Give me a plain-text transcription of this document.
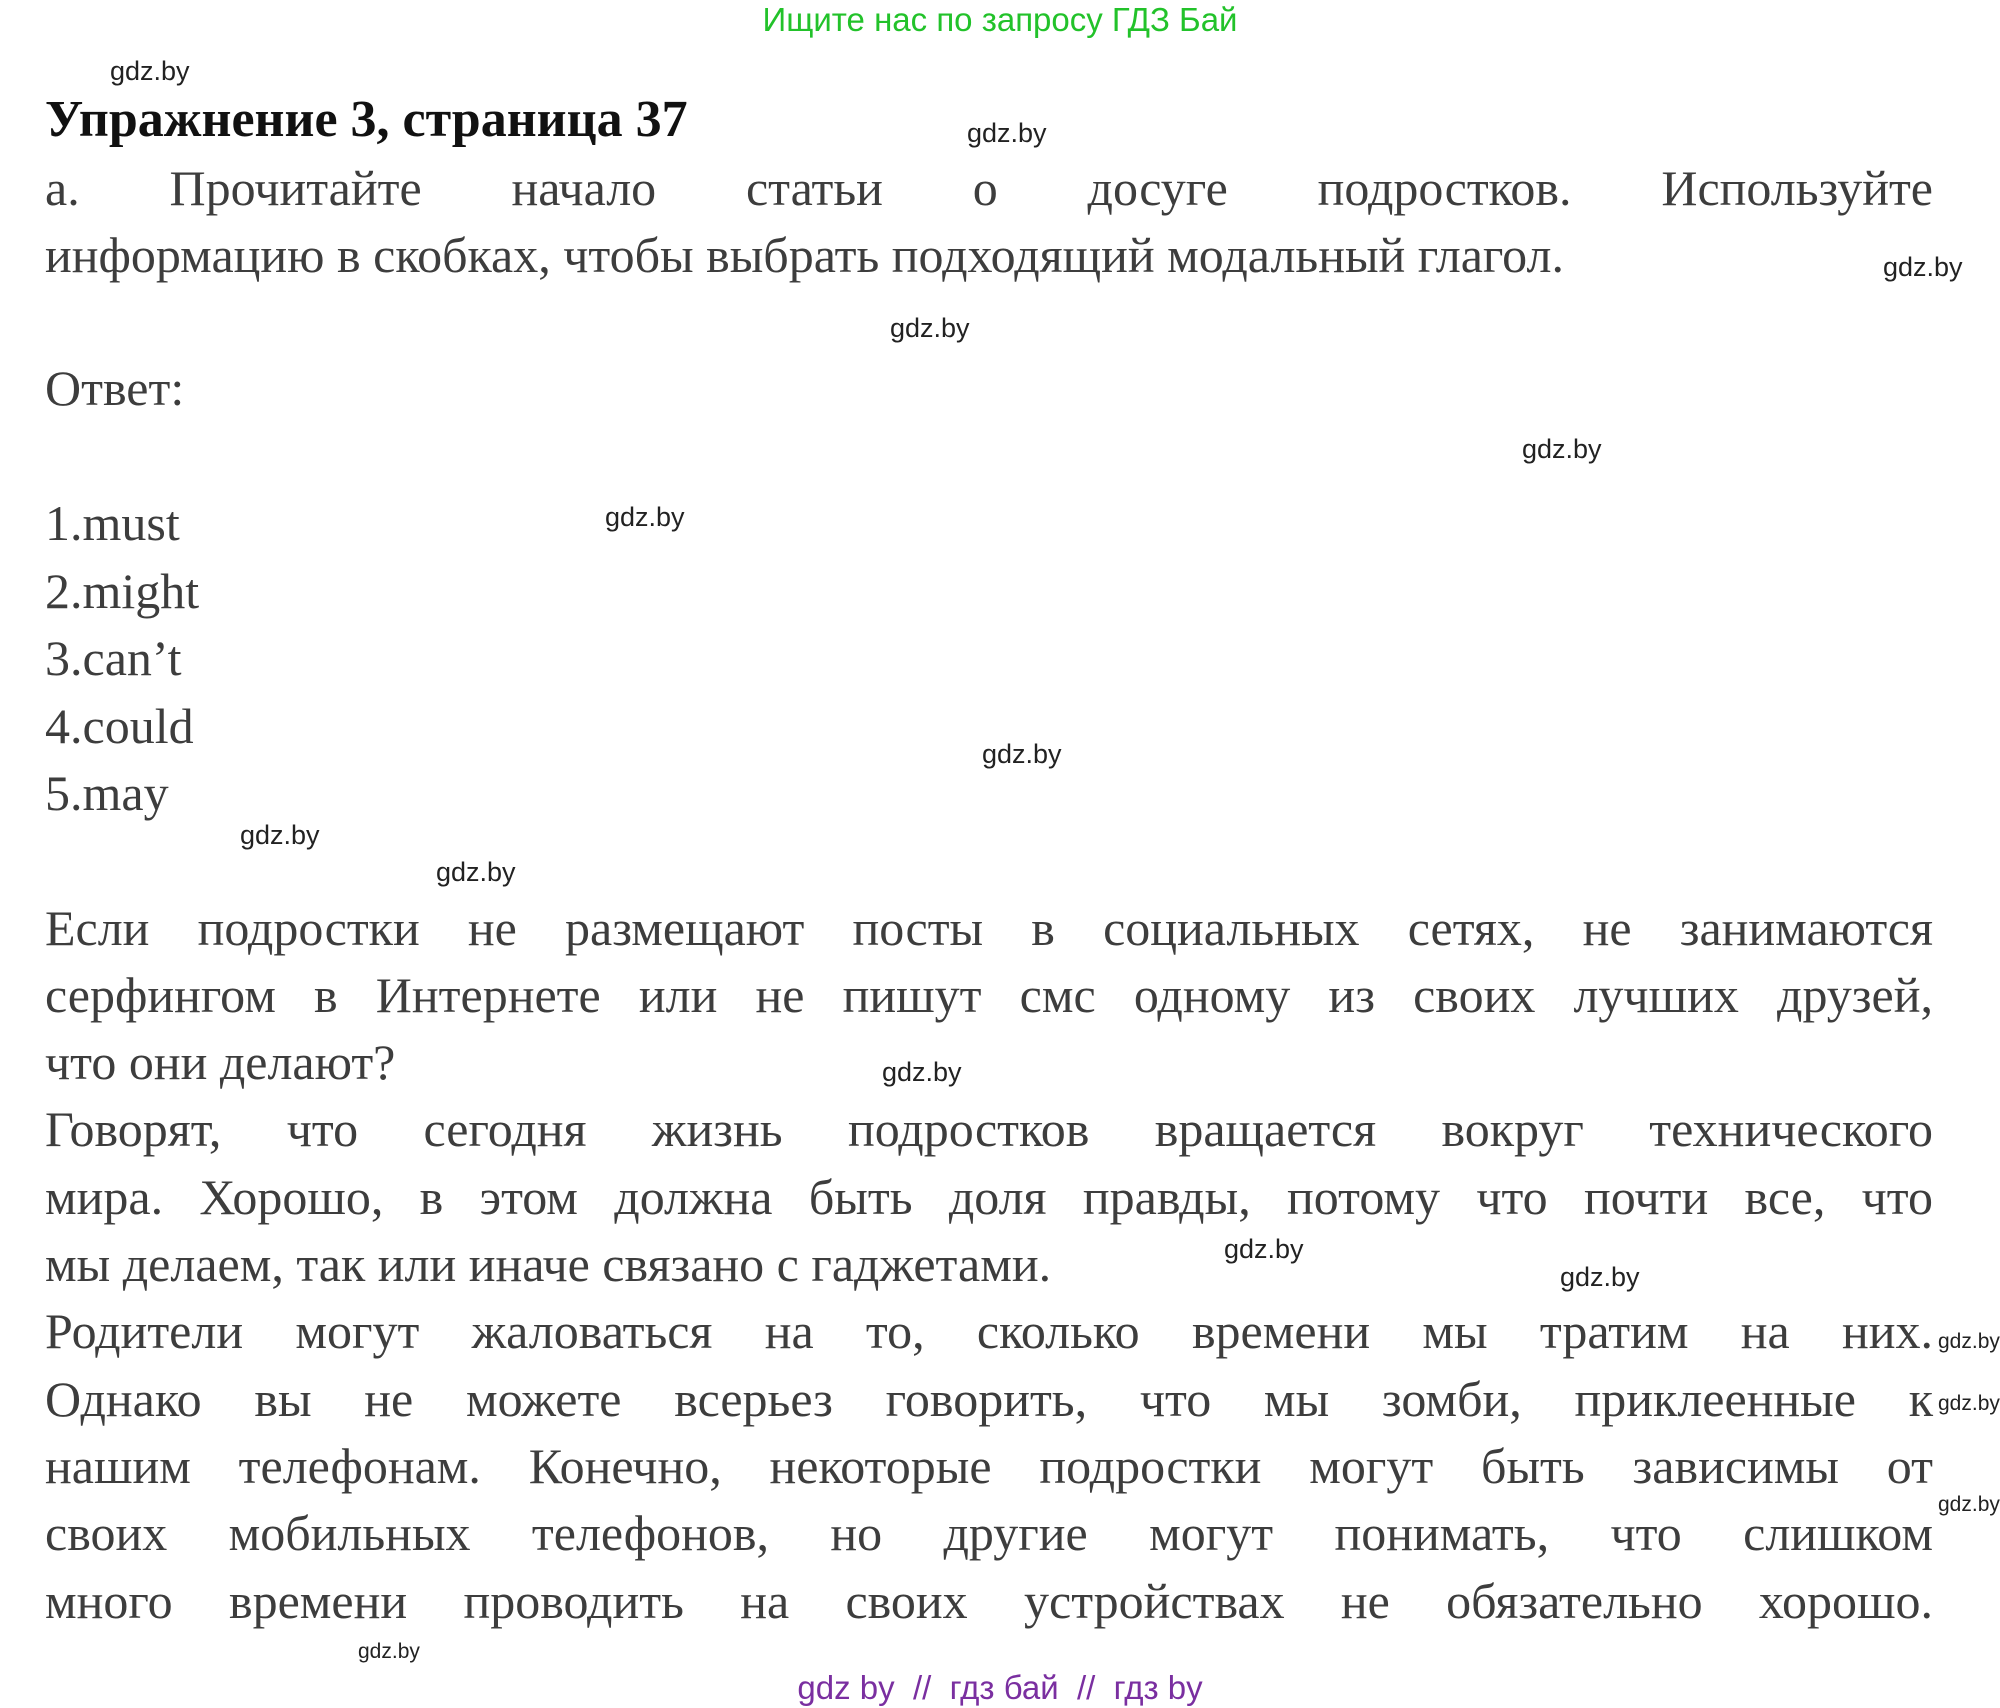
Ищите нас по запросу ГДЗ Бай
Упражнение 3, страница 37
а. Прочитайте начало статьи о досуге подростков. Используйте
информацию в скобках, чтобы выбрать подходящий модальный глагол.
Ответ:
1.must
2.might
3.can’t
4.could
5.may
Если подростки не размещают посты в социальных сетях, не занимаются
серфингом в Интернете или не пишут смс одному из своих лучших друзей,
что они делают?
Говорят, что сегодня жизнь подростков вращается вокруг технического
мира. Хорошо, в этом должна быть доля правды, потому что почти все, что
мы делаем, так или иначе связано с гаджетами.
Родители могут жаловаться на то, сколько времени мы тратим на них.
Однако вы не можете всерьез говорить, что мы зомби, приклеенные к
нашим телефонам. Конечно, некоторые подростки могут быть зависимы от
своих мобильных телефонов, но другие могут понимать, что слишком
много времени проводить на своих устройствах не обязательно хорошо.
gdz.by
gdz.by
gdz.by
gdz.by
gdz.by
gdz.by
gdz.by
gdz.by
gdz.by
gdz.by
gdz.by
gdz.by
gdz.by
gdz.by
gdz.by
gdz.by
gdz by  //  гдз бай  //  гдз by
